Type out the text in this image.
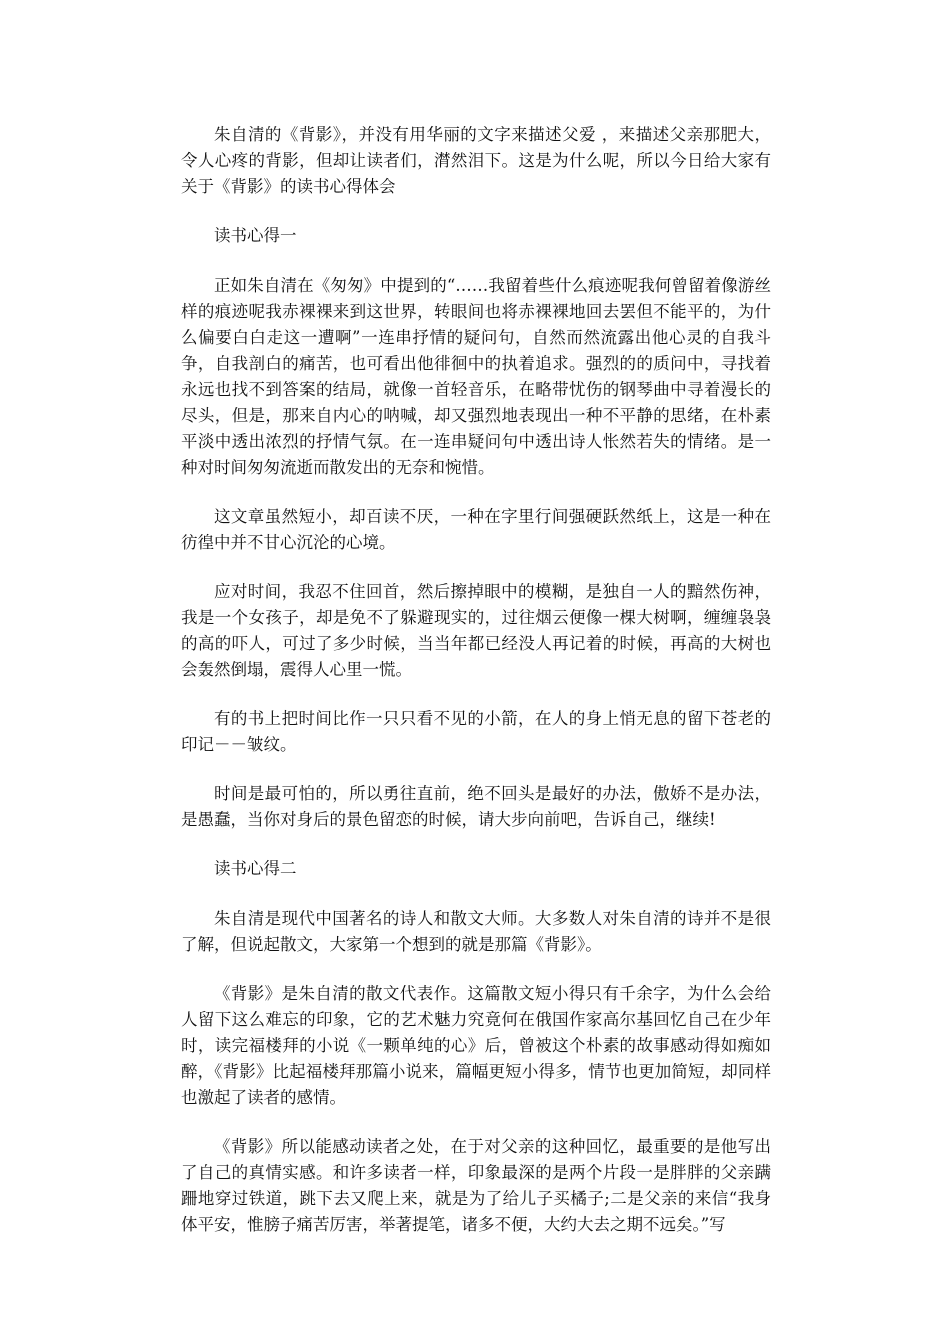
朱自清的《背影》，并没有用华丽的文字来描述父爱 ，来描述父亲那肥大，令人心疼的背影，但却让读者们，潸然泪下。这是为什么呢，所以今日给大家有关于《背影》的读书心得体会

读书心得一

正如朱自清在《匆匆》中提到的“……我留着些什么痕迹呢我何曾留着像游丝样的痕迹呢我赤裸裸来到这世界，转眼间也将赤裸裸地回去罢但不能平的，为什么偏要白白走这一遭啊”一连串抒情的疑问句，自然而然流露出他心灵的自我斗争，自我剖白的痛苦，也可看出他徘徊中的执着追求。强烈的的质问中，寻找着永远也找不到答案的结局，就像一首轻音乐，在略带忧伤的钢琴曲中寻着漫长的尽头，但是，那来自内心的呐喊，却又强烈地表现出一种不平静的思绪，在朴素平淡中透出浓烈的抒情气氛。在一连串疑问句中透出诗人怅然若失的情绪。是一种对时间匆匆流逝而散发出的无奈和惋惜。

这文章虽然短小，却百读不厌，一种在字里行间强硬跃然纸上，这是一种在彷徨中并不甘心沉沦的心境。

应对时间，我忍不住回首，然后擦掉眼中的模糊，是独自一人的黯然伤神，我是一个女孩子，却是免不了躲避现实的，过往烟云便像一棵大树啊，缠缠袅袅的高的吓人，可过了多少时候，当当年都已经没人再记着的时候，再高的大树也会轰然倒塌，震得人心里一慌。

有的书上把时间比作一只只看不见的小箭，在人的身上悄无息的留下苍老的印记－－皱纹。

时间是最可怕的，所以勇往直前，绝不回头是最好的办法，傲娇不是办法，是愚蠢，当你对身后的景色留恋的时候，请大步向前吧，告诉自己，继续!

读书心得二

朱自清是现代中国著名的诗人和散文大师。大多数人对朱自清的诗并不是很了解，但说起散文，大家第一个想到的就是那篇《背影》。

《背影》是朱自清的散文代表作。这篇散文短小得只有千余字，为什么会给人留下这么难忘的印象，它的艺术魅力究竟何在俄国作家高尔基回忆自己在少年时，读完福楼拜的小说《一颗单纯的心》后，曾被这个朴素的故事感动得如痴如醉，《背影》比起福楼拜那篇小说来，篇幅更短小得多，情节也更加简短，却同样也激起了读者的感情。

《背影》所以能感动读者之处，在于对父亲的这种回忆，最重要的是他写出了自己的真情实感。和许多读者一样，印象最深的是两个片段一是胖胖的父亲蹒跚地穿过铁道，跳下去又爬上来，就是为了给儿子买橘子;二是父亲的来信“我身体平安，惟膀子痛苦厉害，举著提笔，诸多不便，大约大去之期不远矣。”写
